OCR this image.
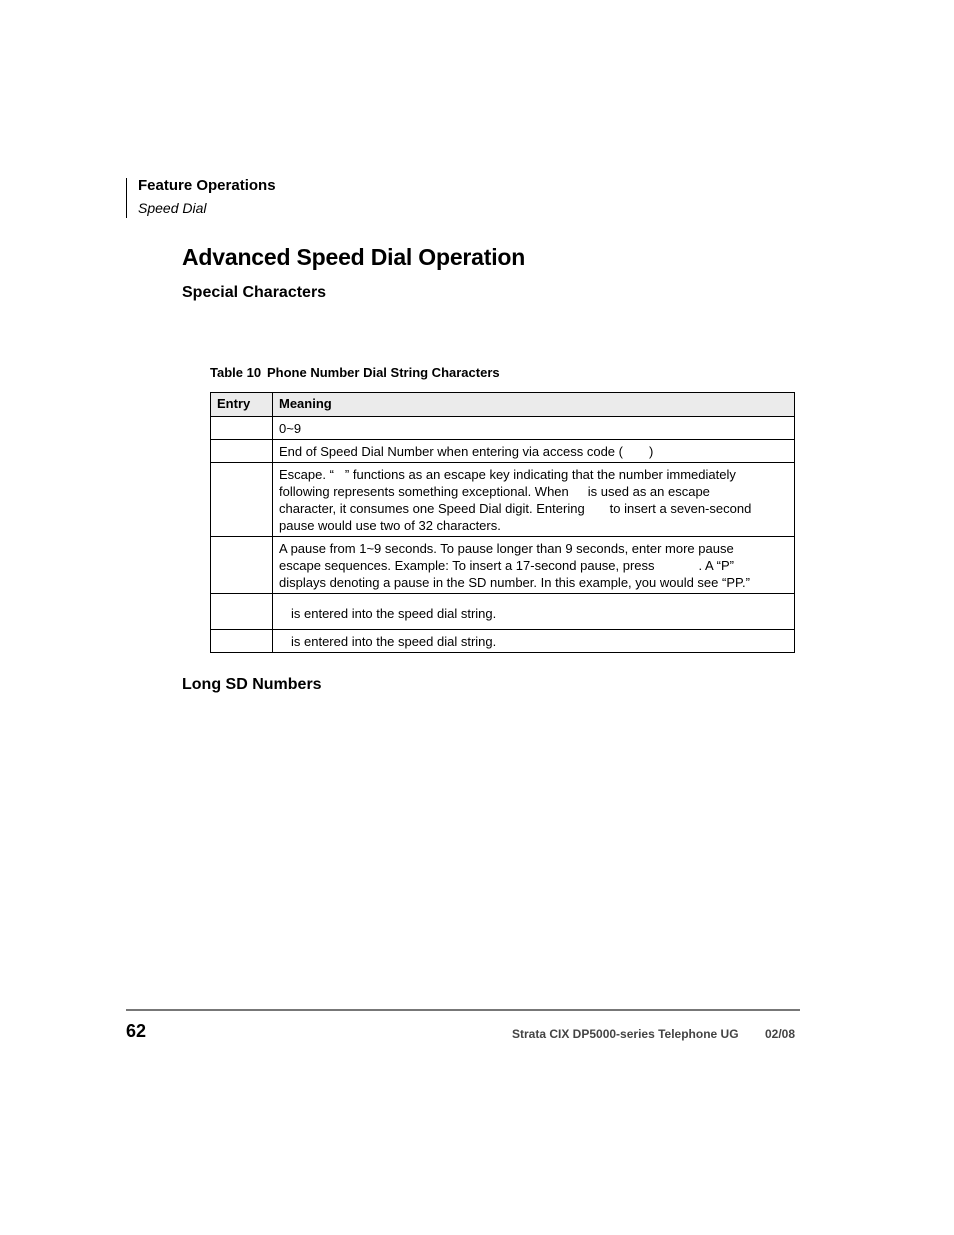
Feature Operations
Speed Dial
Advanced Speed Dial Operation
Special Characters
Table 10 Phone Number Dial String Characters
Entry	Meaning
	0~9
	End of Speed Dial Number when entering via access code ( )
	Escape. “ ” functions as an escape key indicating that the number immediately
following represents something exceptional. When is used as an escape
character, it consumes one Speed Dial digit. Entering to insert a seven-second
pause would use two of 32 characters.
	A pause from 1~9 seconds. To pause longer than 9 seconds, enter more pause
escape sequences. Example: To insert a 17-second pause, press . A “P”
displays denoting a pause in the SD number. In this example, you would see “PP.”
	is entered into the speed dial string.
	is entered into the speed dial string.
Long SD Numbers
62	Strata CIX DP5000-series Telephone UG 02/08
